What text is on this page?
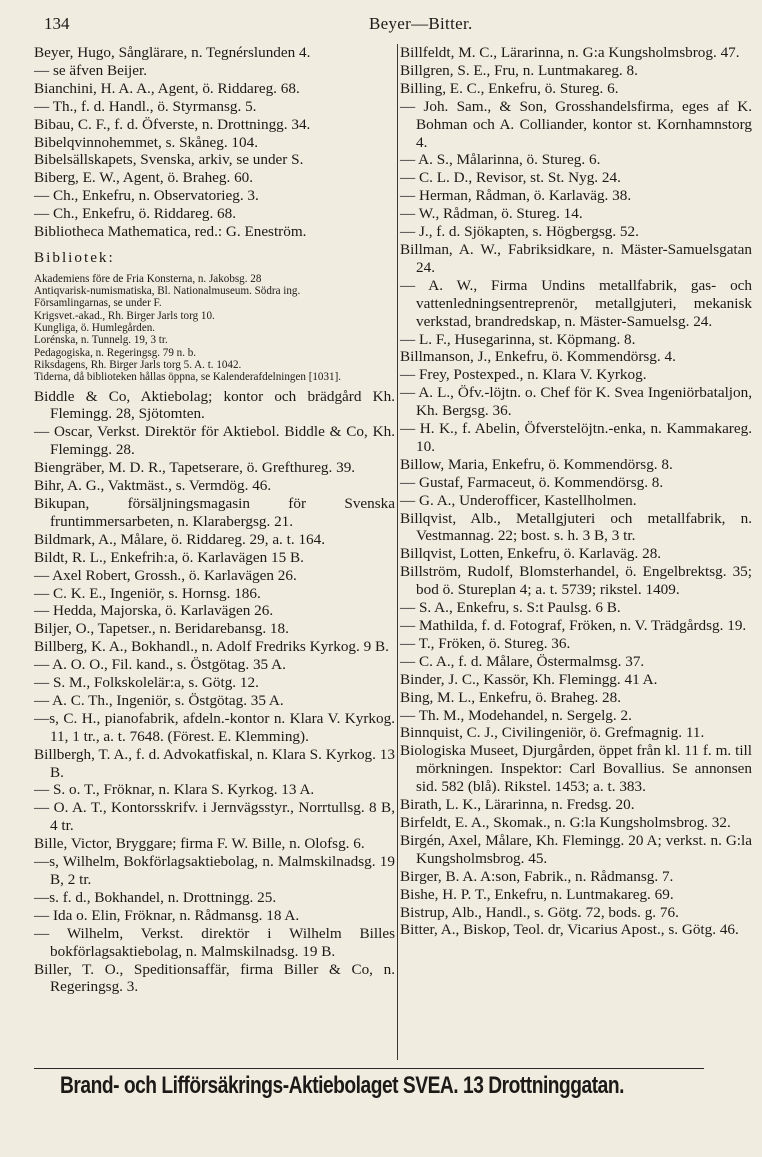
134	Beyer—Bitter.
Beyer, Hugo, Sånglärare, n. Tegnérslunden 4.
— se äfven Beijer.
Bianchini, H. A. A., Agent, ö. Riddareg. 68.
— Th., f. d. Handl., ö. Styrmansg. 5.
Bibau, C. F., f. d. Öfverste, n. Drottningg. 34.
Bibelqvinnohemmet, s. Skåneg. 104.
Bibelsällskapets, Svenska, arkiv, se under S.
Biberg, E. W., Agent, ö. Braheg. 60.
— Ch., Enkefru, n. Observatorieg. 3.
— Ch., Enkefru, ö. Riddareg. 68.
Bibliotheca Mathematica, red.: G. Eneström.
Bibliotek:
Akademiens före de Fria Konsterna, n. Jakobsg. 28
Antiqvarisk-numismatiska, Bl. Nationalmuseum. Södra ing.
Församlingarnas, se under F.
Krigsvet.-akad., Rh. Birger Jarls torg 10.
Kungliga, ö. Humlegården.
Lorénska, n. Tunnelg. 19, 3 tr.
Pedagogiska, n. Regeringsg. 79 n. b.
Riksdagens, Rh. Birger Jarls torg 5. A. t. 1042.
Tiderna, då biblioteken hållas öppna, se Kalenderafdelningen [1031].
Biddle & Co, Aktiebolag; kontor och brädgård Kh. Flemingg. 28, Sjötomten.
— Oscar, Verkst. Direktör för Aktiebol. Biddle & Co, Kh. Flemingg. 28.
Biengräber, M. D. R., Tapetserare, ö. Grefthureg. 39.
Bihr, A. G., Vaktmäst., s. Vermdög. 46.
Bikupan, försäljningsmagasin för Svenska fruntimmersarbeten, n. Klarabergsg. 21.
Bildmark, A., Målare, ö. Riddareg. 29, a. t. 164.
Bildt, R. L., Enkefrih:a, ö. Karlavägen 15 B.
— Axel Robert, Grossh., ö. Karlavägen 26.
— C. K. E., Ingeniör, s. Hornsg. 186.
— Hedda, Majorska, ö. Karlavägen 26.
Biljer, O., Tapetser., n. Beridarebansg. 18.
Billberg, K. A., Bokhandl., n. Adolf Fredriks Kyrkog. 9 B.
— A. O. O., Fil. kand., s. Östgötag. 35 A.
— S. M., Folkskolelär:a, s. Götg. 12.
— A. C. Th., Ingeniör, s. Östgötag. 35 A.
—s, C. H., pianofabrik, afdeln.-kontor n. Klara V. Kyrkog. 11, 1 tr., a. t. 7648. (Förest. E. Klemming).
Billbergh, T. A., f. d. Advokatfiskal, n. Klara S. Kyrkog. 13 B.
— S. o. T., Fröknar, n. Klara S. Kyrkog. 13 A.
— O. A. T., Kontorsskrifv. i Jernvägsstyr., Norrtullsg. 8 B, 4 tr.
Bille, Victor, Bryggare; firma F. W. Bille, n. Olofsg. 6.
—s, Wilhelm, Bokförlagsaktiebolag, n. Malmskilnadsg. 19 B, 2 tr.
—s. f. d., Bokhandel, n. Drottningg. 25.
— Ida o. Elin, Fröknar, n. Rådmansg. 18 A.
— Wilhelm, Verkst. direktör i Wilhelm Billes bokförlagsaktiebolag, n. Malmskilnadsg. 19 B.
Biller, T. O., Speditionsaffär, firma Biller & Co, n. Regeringsg. 3.
Billfeldt, M. C., Lärarinna, n. G:a Kungsholmsbrog. 47.
Billgren, S. E., Fru, n. Luntmakareg. 8.
Billing, E. C., Enkefru, ö. Stureg. 6.
— Joh. Sam., & Son, Grosshandelsfirma, eges af K. Bohman och A. Colliander, kontor st. Kornhamnstorg 4.
— A. S., Målarinna, ö. Stureg. 6.
— C. L. D., Revisor, st. St. Nyg. 24.
— Herman, Rådman, ö. Karlaväg. 38.
— W., Rådman, ö. Stureg. 14.
— J., f. d. Sjökapten, s. Högbergsg. 52.
Billman, A. W., Fabriksidkare, n. Mäster-Samuelsgatan 24.
— A. W., Firma Undins metallfabrik, gas- och vattenledningsentreprenör, metallgjuteri, mekanisk verkstad, brandredskap, n. Mäster-Samuelsg. 24.
— L. F., Husegarinna, st. Köpmang. 8.
Billmanson, J., Enkefru, ö. Kommendörsg. 4.
— Frey, Postexped., n. Klara V. Kyrkog.
— A. L., Öfv.-löjtn. o. Chef för K. Svea Ingeniörbataljon, Kh. Bergsg. 36.
— H. K., f. Abelin, Öfverstelöjtn.-enka, n. Kammakareg. 10.
Billow, Maria, Enkefru, ö. Kommendörsg. 8.
— Gustaf, Farmaceut, ö. Kommendörsg. 8.
— G. A., Underofficer, Kastellholmen.
Billqvist, Alb., Metallgjuteri och metallfabrik, n. Vestmannag. 22; bost. s. h. 3 B, 3 tr.
Billqvist, Lotten, Enkefru, ö. Karlaväg. 28.
Billström, Rudolf, Blomsterhandel, ö. Engelbrektsg. 35; bod ö. Stureplan 4; a. t. 5739; rikstel. 1409.
— S. A., Enkefru, s. S:t Paulsg. 6 B.
— Mathilda, f. d. Fotograf, Fröken, n. V. Trädgårdsg. 19.
— T., Fröken, ö. Stureg. 36.
— C. A., f. d. Målare, Östermalmsg. 37.
Binder, J. C., Kassör, Kh. Flemingg. 41 A.
Bing, M. L., Enkefru, ö. Braheg. 28.
— Th. M., Modehandel, n. Sergelg. 2.
Binnquist, C. J., Civilingeniör, ö. Grefmagnig. 11.
Biologiska Museet, Djurgården, öppet från kl. 11 f. m. till mörkningen. Inspektor: Carl Bovallius. Se annonsen sid. 582 (blå). Rikstel. 1453; a. t. 383.
Birath, L. K., Lärarinna, n. Fredsg. 20.
Birfeldt, E. A., Skomak., n. G:la Kungsholmsbrog. 32.
Birgén, Axel, Målare, Kh. Flemingg. 20 A; verkst. n. G:la Kungsholmsbrog. 45.
Birger, B. A. A:son, Fabrik., n. Rådmansg. 7.
Bishe, H. P. T., Enkefru, n. Luntmakareg. 69.
Bistrup, Alb., Handl., s. Götg. 72, bods. g. 76.
Bitter, A., Biskop, Teol. dr, Vicarius Apost., s. Götg. 46.
Brand- och Lifförsäkrings-Aktiebolaget SVEA. 13 Drottninggatan.
